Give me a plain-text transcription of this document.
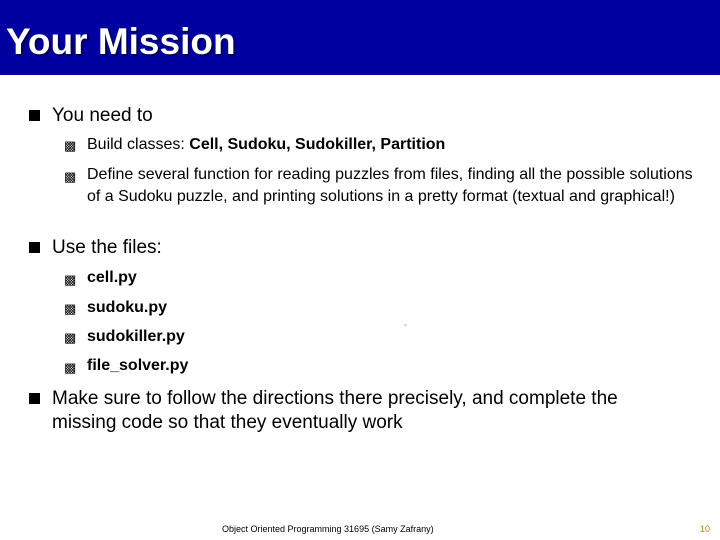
Your Mission
You need to
▩ Build classes: Cell, Sudoku, Sudokiller, Partition
▩ Define several function for reading puzzles from files, finding all the possible solutions of a Sudoku puzzle, and printing solutions in a pretty format (textual and graphical!)
Use the files:
▩ cell.py
▩ sudoku.py
▩ sudokiller.py
▩ file_solver.py
Make sure to follow the directions there precisely, and complete the missing code so that they eventually work
´
Object Oriented Programming 31695 (Samy Zafrany)	10
